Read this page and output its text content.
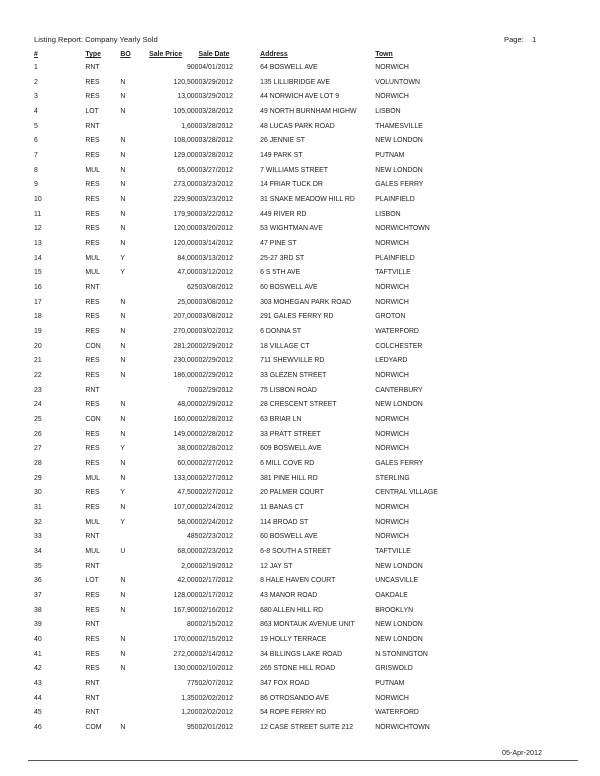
Listing Report: Company Yearly Sold	Page: 1
#	Type	BO	Sale Price	Sale Date	Address	Town
1	RNT		900	04/01/2012	64 BOSWELL AVE	NORWICH
2	RES	N	120,500	03/29/2012	135 LILLIBRIDGE AVE	VOLUNTOWN
3	RES	N	13,000	03/29/2012	44 NORWICH AVE LOT 9	NORWICH
4	LOT	N	105,000	03/28/2012	49 NORTH BURNHAM HIGHW	LISBON
5	RNT		1,600	03/28/2012	48 LUCAS PARK ROAD	THAMESVILLE
6	RES	N	108,000	03/28/2012	26 JENNIE ST	NEW LONDON
7	RES	N	129,000	03/28/2012	149 PARK ST	PUTNAM
8	MUL	N	65,000	03/27/2012	7 WILLIAMS STREET	NEW LONDON
9	RES	N	273,000	03/23/2012	14 FRIAR TUCK DR	GALES FERRY
10	RES	N	229,900	03/23/2012	31 SNAKE MEADOW HILL RD	PLAINFIELD
11	RES	N	179,900	03/22/2012	449 RIVER RD	LISBON
12	RES	N	120,000	03/20/2012	53 WIGHTMAN AVE	NORWICHTOWN
13	RES	N	120,000	03/14/2012	47 PINE ST	NORWICH
14	MUL	Y	84,000	03/13/2012	25-27 3RD ST	PLAINFIELD
15	MUL	Y	47,000	03/12/2012	6 S 5TH AVE	TAFTVILLE
16	RNT		625	03/08/2012	60 BOSWELL AVE	NORWICH
17	RES	N	25,000	03/08/2012	303 MOHEGAN PARK ROAD	NORWICH
18	RES	N	207,000	03/08/2012	291 GALES FERRY RD	GROTON
19	RES	N	270,000	03/02/2012	6 DONNA ST	WATERFORD
20	CON	N	281,200	02/29/2012	18 VILLAGE CT	COLCHESTER
21	RES	N	230,000	02/29/2012	711 SHEWVILLE RD	LEDYARD
22	RES	N	186,000	02/29/2012	33 GLEZEN STREET	NORWICH
23	RNT		700	02/29/2012	75 LISBON ROAD	CANTERBURY
24	RES	N	48,000	02/29/2012	28 CRESCENT STREET	NEW LONDON
25	CON	N	160,000	02/28/2012	63 BRIAR LN	NORWICH
26	RES	N	149,000	02/28/2012	33 PRATT STREET	NORWICH
27	RES	Y	38,000	02/28/2012	609 BOSWELL AVE	NORWICH
28	RES	N	60,000	02/27/2012	6 MILL COVE RD	GALES FERRY
29	MUL	N	133,000	02/27/2012	381 PINE HILL RD	STERLING
30	RES	Y	47,500	02/27/2012	20 PALMER COURT	CENTRAL VILLAGE
31	RES	N	107,000	02/24/2012	11 BANAS CT	NORWICH
32	MUL	Y	58,000	02/24/2012	114 BROAD ST	NORWICH
33	RNT		485	02/23/2012	60 BOSWELL AVE	NORWICH
34	MUL	U	68,000	02/23/2012	6-8 SOUTH A STREET	TAFTVILLE
35	RNT		2,000	02/19/2012	12 JAY ST	NEW LONDON
36	LOT	N	42,000	02/17/2012	8 HALE HAVEN COURT	UNCASVILLE
37	RES	N	128,000	02/17/2012	43 MANOR ROAD	OAKDALE
38	RES	N	167,900	02/16/2012	680 ALLEN HILL RD	BROOKLYN
39	RNT		800	02/15/2012	863 MONTAUK AVENUE UNIT	NEW LONDON
40	RES	N	170,000	02/15/2012	19 HOLLY TERRACE	NEW LONDON
41	RES	N	272,000	02/14/2012	34 BILLINGS LAKE ROAD	N STONINGTON
42	RES	N	130,000	02/10/2012	265 STONE HILL ROAD	GRISWOLD
43	RNT		775	02/07/2012	347 FOX ROAD	PUTNAM
44	RNT		1,350	02/02/2012	86 OTROSANDO AVE	NORWICH
45	RNT		1,200	02/02/2012	54 ROPE FERRY RD	WATERFORD
46	COM	N	950	02/01/2012	12 CASE STREET SUITE 212	NORWICHTOWN
05-Apr-2012
